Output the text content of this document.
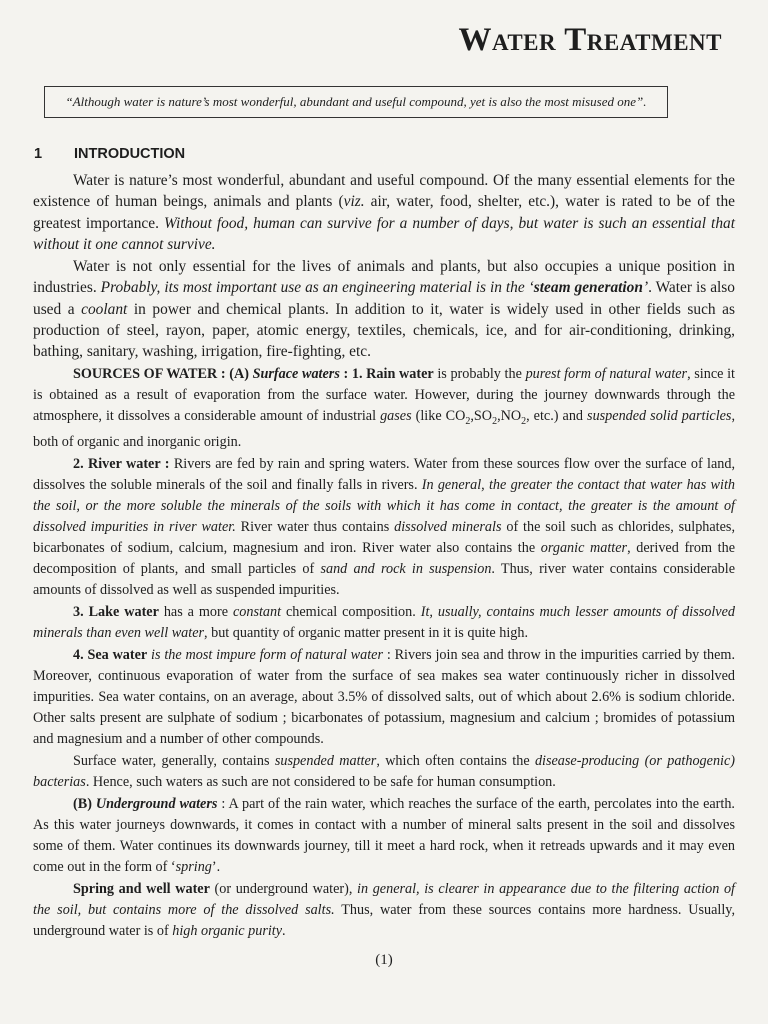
Water Treatment
“Although water is nature’s most wonderful, abundant and useful compound, yet is also the most misused one”.
1 INTRODUCTION

Water is nature’s most wonderful, abundant and useful compound. Of the many essential elements for the existence of human beings, animals and plants (viz. air, water, food, shelter, etc.), water is rated to be of the greatest importance. Without food, human can survive for a number of days, but water is such an essential that without it one cannot survive.

Water is not only essential for the lives of animals and plants, but also occupies a unique position in industries. Probably, its most important use as an engineering material is in the ‘steam generation’. Water is also used a coolant in power and chemical plants. In addition to it, water is widely used in other fields such as production of steel, rayon, paper, atomic energy, textiles, chemicals, ice, and for air-conditioning, drinking, bathing, sanitary, washing, irrigation, fire-fighting, etc.

SOURCES OF WATER : (A) Surface waters : 1. Rain water is probably the purest form of natural water, since it is obtained as a result of evaporation from the surface water. However, during the journey downwards through the atmosphere, it dissolves a considerable amount of industrial gases (like $CO_2,SO_2,NO_2$, etc.) and suspended solid particles, both of organic and inorganic origin.

2. River water : Rivers are fed by rain and spring waters. Water from these sources flow over the surface of land, dissolves the soluble minerals of the soil and finally falls in rivers. In general, the greater the contact that water has with the soil, or the more soluble the minerals of the soils with which it has come in contact, the greater is the amount of dissolved impurities in river water. River water thus contains dissolved minerals of the soil such as chlorides, sulphates, bicarbonates of sodium, calcium, magnesium and iron. River water also contains the organic matter, derived from the decomposition of plants, and small particles of sand and rock in suspension. Thus, river water contains considerable amounts of dissolved as well as suspended impurities.

3. Lake water has a more constant chemical composition. It, usually, contains much lesser amounts of dissolved minerals than even well water, but quantity of organic matter present in it is quite high.

4. Sea water is the most impure form of natural water : Rivers join sea and throw in the impurities carried by them. Moreover, continuous evaporation of water from the surface of sea makes sea water continuously richer in dissolved impurities. Sea water contains, on an average, about 3.5% of dissolved salts, out of which about 2.6% is sodium chloride. Other salts present are sulphate of sodium ; bicarbonates of potassium, magnesium and calcium ; bromides of potassium and magnesium and a number of other compounds.

Surface water, generally, contains suspended matter, which often contains the disease-producing (or pathogenic) bacterias. Hence, such waters as such are not considered to be safe for human consumption.

(B) Underground waters : A part of the rain water, which reaches the surface of the earth, percolates into the earth. As this water journeys downwards, it comes in contact with a number of mineral salts present in the soil and dissolves some of them. Water continues its downwards journey, till it meet a hard rock, when it retreads upwards and it may even come out in the form of ‘spring’.

Spring and well water (or underground water), in general, is clearer in appearance due to the filtering action of the soil, but contains more of the dissolved salts. Thus, water from these sources contains more hardness. Usually, underground water is of high organic purity.

(1)
